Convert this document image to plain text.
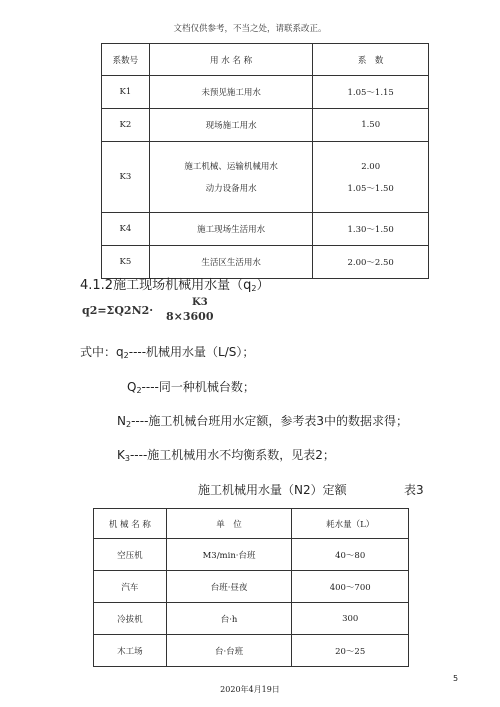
文档仅供参考，不当之处，请联系改正。
系数号	用 水 名 称	系　数
K1	未预见施工用水	1.05～1.15
K2	现场施工用水	1.50
K3	施工机械、运输机械用水	2.00
	动力设备用水	1.05～1.50
K4	施工现场生活用水	1.30～1.50
K5	生活区生活用水	2.00～2.50
4.1.2施工现场机械用水量$(q_2)$
q2=ΣQ2N2·
K3
8×3600
式中：$q_2----$机械用水量（L/S）；
$Q_2----$同一种机械台数；
$N_2----$施工机械台班用水定额，参考表3中的数据求得；
$K_3----$施工机械用水不均衡系数，见表2；
施工机械用水量（N2）定额	表3
机 械 名 称	单　位	耗水量（L）
空压机	M3/min·台班	40～80
汽车	台班·昼夜	400～700
冷拔机	台·h	300
木工场	台·台班	20～25
5
2020年4月19日
